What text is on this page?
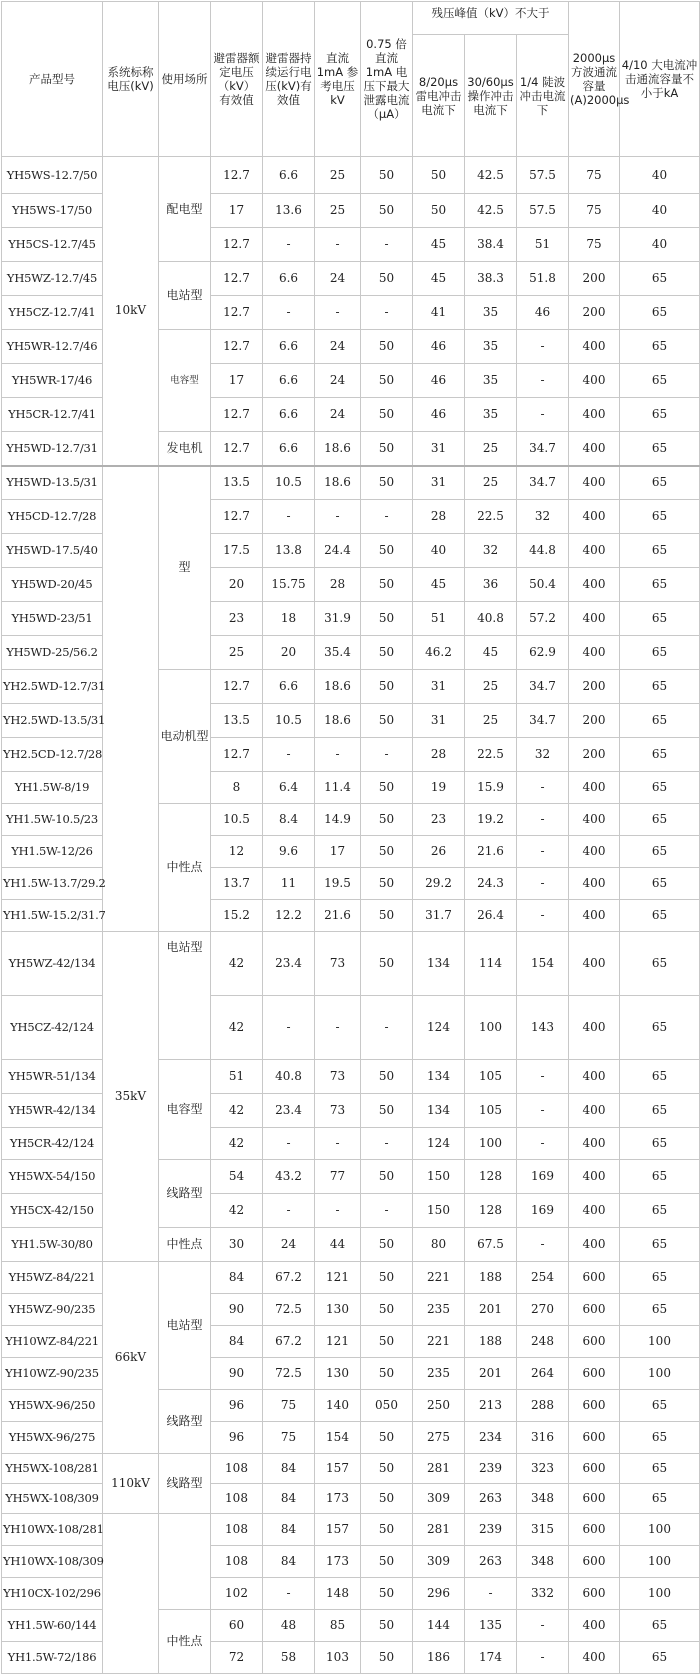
产品型号	系统标称电压(kV)	使用场所	避雷器额定电压（kV）有效值	避雷器持续运行电压(kV)有效值	直流1mA 参考电压 kV	0.75 倍直流 1mA 电压下最大泄露电流（μA）	残压峰值（kV）不大于			2000μs 方波通流容量(A)2000μs	4/10 大电流冲击通流容量不小于kA
							8/20μs 雷电冲击电流下	30/60μs 操作冲击电流下	1/4 陡波冲击电流下		
YH5WS-12.7/50	10kV	配电型	12.7	6.6	25	50	50	42.5	57.5	75	40
YH5WS-17/50			17	13.6	25	50	50	42.5	57.5	75	40
YH5CS-12.7/45			12.7	-	-	-	45	38.4	51	75	40
YH5WZ-12.7/45		电站型	12.7	6.6	24	50	45	38.3	51.8	200	65
YH5CZ-12.7/41			12.7	-	-	-	41	35	46	200	65
YH5WR-12.7/46		电容型	12.7	6.6	24	50	46	35	-	400	65
YH5WR-17/46			17	6.6	24	50	46	35	-	400	65
YH5CR-12.7/41			12.7	6.6	24	50	46	35	-	400	65
YH5WD-12.7/31		发电机	12.7	6.6	18.6	50	31	25	34.7	400	65
YH5WD-13.5/31		型	13.5	10.5	18.6	50	31	25	34.7	400	65
YH5CD-12.7/28			12.7	-	-	-	28	22.5	32	400	65
YH5WD-17.5/40			17.5	13.8	24.4	50	40	32	44.8	400	65
YH5WD-20/45			20	15.75	28	50	45	36	50.4	400	65
YH5WD-23/51			23	18	31.9	50	51	40.8	57.2	400	65
YH5WD-25/56.2			25	20	35.4	50	46.2	45	62.9	400	65
YH2.5WD-12.7/31		电动机型	12.7	6.6	18.6	50	31	25	34.7	200	65
YH2.5WD-13.5/31			13.5	10.5	18.6	50	31	25	34.7	200	65
YH2.5CD-12.7/28			12.7	-	-	-	28	22.5	32	200	65
YH1.5W-8/19			8	6.4	11.4	50	19	15.9	-	400	65
YH1.5W-10.5/23		中性点	10.5	8.4	14.9	50	23	19.2	-	400	65
YH1.5W-12/26			12	9.6	17	50	26	21.6	-	400	65
YH1.5W-13.7/29.2			13.7	11	19.5	50	29.2	24.3	-	400	65
YH1.5W-15.2/31.7			15.2	12.2	21.6	50	31.7	26.4	-	400	65
YH5WZ-42/134	35kV	电站型	42	23.4	73	50	134	114	154	400	65
YH5CZ-42/124			42	-	-	-	124	100	143	400	65
YH5WR-51/134		电容型	51	40.8	73	50	134	105	-	400	65
YH5WR-42/134			42	23.4	73	50	134	105	-	400	65
YH5CR-42/124			42	-	-	-	124	100	-	400	65
YH5WX-54/150		线路型	54	43.2	77	50	150	128	169	400	65
YH5CX-42/150			42	-	-	-	150	128	169	400	65
YH1.5W-30/80		中性点	30	24	44	50	80	67.5	-	400	65
YH5WZ-84/221	66kV	电站型	84	67.2	121	50	221	188	254	600	65
YH5WZ-90/235			90	72.5	130	50	235	201	270	600	65
YH10WZ-84/221			84	67.2	121	50	221	188	248	600	100
YH10WZ-90/235			90	72.5	130	50	235	201	264	600	100
YH5WX-96/250		线路型	96	75	140	050	250	213	288	600	65
YH5WX-96/275			96	75	154	50	275	234	316	600	65
YH5WX-108/281	110kV	线路型	108	84	157	50	281	239	323	600	65
YH5WX-108/309			108	84	173	50	309	263	348	600	65
YH10WX-108/281			108	84	157	50	281	239	315	600	100
YH10WX-108/309			108	84	173	50	309	263	348	600	100
YH10CX-102/296			102	-	148	50	296	-	332	600	100
YH1.5W-60/144		中性点	60	48	85	50	144	135	-	400	65
YH1.5W-72/186			72	58	103	50	186	174	-	400	65
